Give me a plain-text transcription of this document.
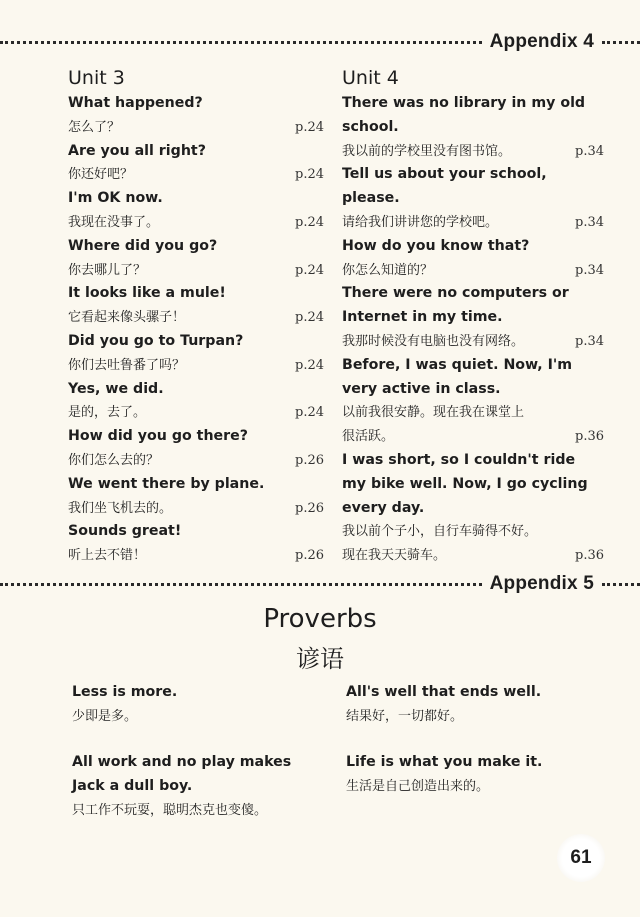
Appendix 4
Unit 3
What happened?
怎么了？	p.24
Are you all right?
你还好吧？	p.24
I'm OK now.
我现在没事了。	p.24
Where did you go?
你去哪儿了？	p.24
It looks like a mule!
它看起来像头骡子！	p.24
Did you go to Turpan?
你们去吐鲁番了吗？	p.24
Yes, we did.
是的，去了。	p.24
How did you go there?
你们怎么去的？	p.26
We went there by plane.
我们坐飞机去的。	p.26
Sounds great!
听上去不错！	p.26
Unit 4
There was no library in my old school.
我以前的学校里没有图书馆。	p.34
Tell us about your school, please.
请给我们讲讲您的学校吧。	p.34
How do you know that?
你怎么知道的？	p.34
There were no computers or Internet in my time.
我那时候没有电脑也没有网络。	p.34
Before, I was quiet. Now, I'm very active in class.
以前我很安静。现在我在课堂上
很活跃。	p.36
I was short, so I couldn't ride my bike well. Now, I go cycling every day.
我以前个子小，自行车骑得不好。
现在我天天骑车。	p.36
Appendix 5
Proverbs
谚语
Less is more.
少即是多。
All's well that ends well.
结果好，一切都好。
All work and no play makes Jack a dull boy.
只工作不玩耍，聪明杰克也变傻。
Life is what you make it.
生活是自己创造出来的。
61
